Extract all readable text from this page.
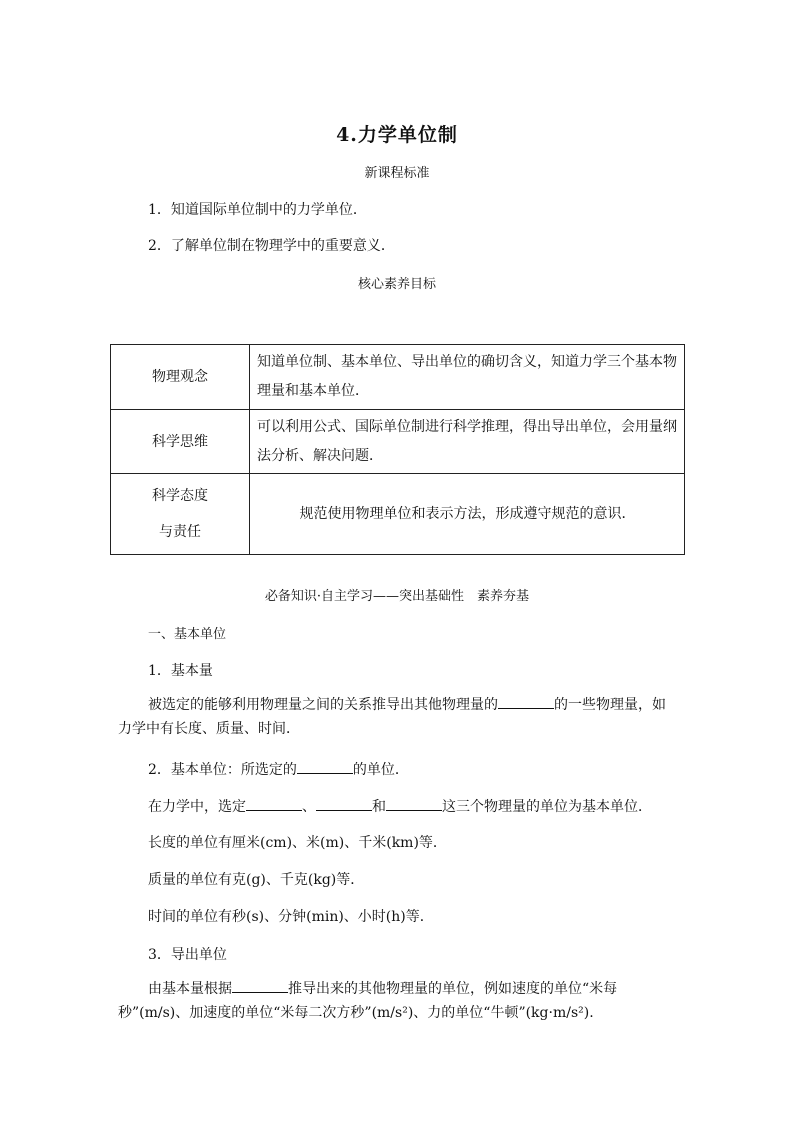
4.力学单位制
新课程标准
1．知道国际单位制中的力学单位．
2．了解单位制在物理学中的重要意义．
核心素养目标
物理观念	知道单位制、基本单位、导出单位的确切含义，知道力学三个基本物理量和基本单位．
科学思维	可以利用公式、国际单位制进行科学推理，得出导出单位，会用量纲法分析、解决问题．

科学态度
与责任	规范使用物理单位和表示方法，形成遵守规范的意识．
必备知识·自主学习——突出基础性　素养夯基
一、基本单位
1．基本量
被选定的能够利用物理量之间的关系推导出其他物理量的	的一些物理量，如力学中有长度、质量、时间．
2．基本单位：所选定的	的单位．
在力学中，选定	、	和	这三个物理量的单位为基本单位．
长度的单位有厘米(cm)、米(m)、千米(km)等．
质量的单位有克(g)、千克(kg)等．
时间的单位有秒(s)、分钟(min)、小时(h)等．
3．导出单位
由基本量根据	推导出来的其他物理量的单位，例如速度的单位“米每秒”(m/s)、加速度的单位“米每二次方秒”(m/s²)、力的单位“牛顿”(kg·m/s²).
